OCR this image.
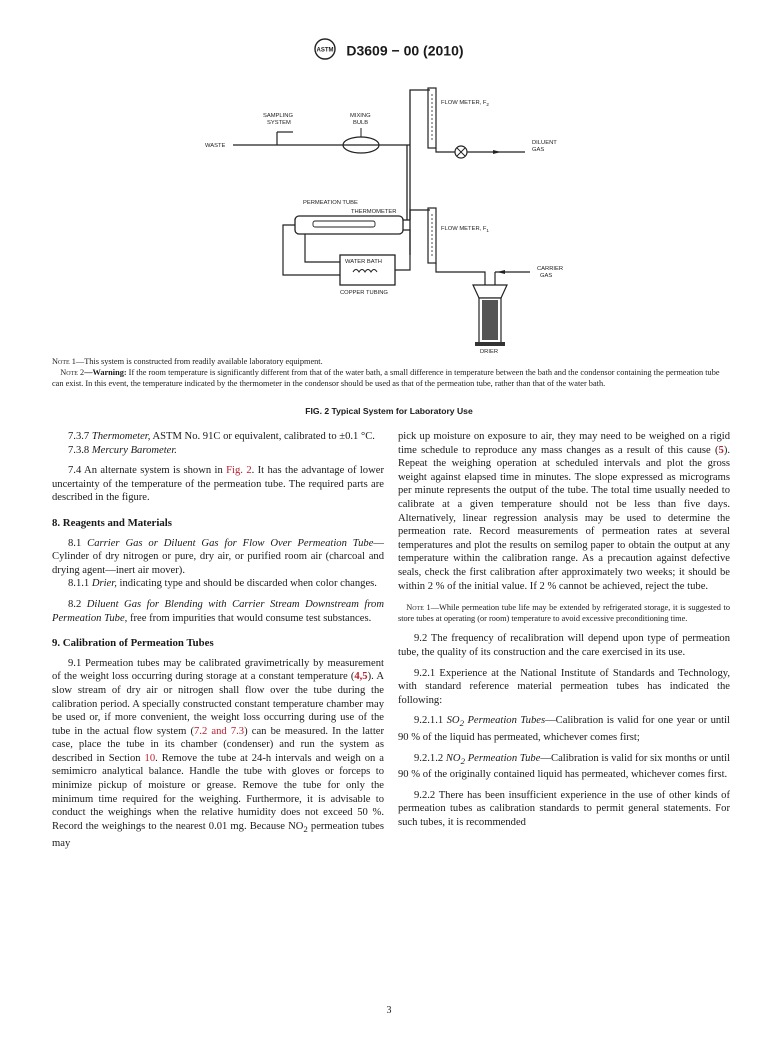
ASTM D3609 − 00 (2010)
WASTE
SAMPLING
SYSTEM
MIXING
BULB
FLOW METER, $F_2$
DILUENT
GAS
PERMEATION TUBE
THERMOMETER
WATER BATH
COPPER TUBING
FLOW METER, $F_1$
CARRIER
GAS
DRIER

Note 1—This system is constructed from readily available laboratory equipment.

 Note 2—Warning: If the room temperature is significantly different from that of the water bath, a small difference in temperature between the bath and the condensor containing the permeation tube can exist. In this event, the temperature indicated by the thermometer in the condensor should be used as that of the permeation tube, rather than that of the water bath.

FIG. 2 Typical System for Laboratory Use

7.3.7 Thermometer, ASTM No. 91C or equivalent, calibrated to ±0.1 °C.

7.3.8 Mercury Barometer.

7.4 An alternate system is shown in Fig. 2. It has the advantage of lower uncertainty of the temperature of the permeation tube. The required parts are described in the figure.

8. Reagents and Materials

8.1 Carrier Gas or Diluent Gas for Flow Over Permeation Tube—Cylinder of dry nitrogen or pure, dry air, or purified room air (charcoal and drying agent—inert air mover).

8.1.1 Drier, indicating type and should be discarded when color changes.

8.2 Diluent Gas for Blending with Carrier Stream Downstream from Permeation Tube, free from impurities that would consume test substances.

9. Calibration of Permeation Tubes

9.1 Permeation tubes may be calibrated gravimetrically by measurement of the weight loss occurring during storage at a constant temperature (4,5). A slow stream of dry air or nitrogen shall flow over the tube during the calibration period. A specially constructed constant temperature chamber may be used or, if more convenient, the weight loss occurring during use of the tube in the actual flow system (7.2 and 7.3) can be measured. In the latter case, place the tube in its chamber (condenser) and run the system as described in Section 10. Remove the tube at 24-h intervals and weigh on a semimicro analytical balance. Handle the tube with gloves or forceps to minimize pickup of moisture or grease. Remove the tube for only the minimum time required for the weighing. Furthermore, it is advisable to conduct the weighings when the relative humidity does not exceed 50 %. Record the weighings to the nearest 0.01 mg. Because $NO_2$ permeation tubes may

pick up moisture on exposure to air, they may need to be weighed on a rigid time schedule to reproduce any mass changes as a result of this cause (5). Repeat the weighing operation at scheduled intervals and plot the gross weight against elapsed time in minutes. The slope expressed as micrograms per minute represents the output of the tube. The total time usually needed to calibrate at a given temperature should not be less than five days. Alternatively, linear regression analysis may be used to determine the permeation rate. Record measurements of permeation rates at several temperatures and plot the results on semilog paper to obtain the output at any temperature within the calibration range. As a precaution against defective seals, check the first calibration after approximately two weeks; it should be within 2 % of the initial value. If 2 % cannot be achieved, reject the tube.

 Note 1—While permeation tube life may be extended by refrigerated storage, it is suggested to store tubes at operating (or room) temperature to avoid excessive preconditioning time.

9.2 The frequency of recalibration will depend upon type of permeation tube, the quality of its construction and the care exercised in its use.

9.2.1 Experience at the National Institute of Standards and Technology, with standard reference material permeation tubes has indicated the following:

9.2.1.1 $SO_2$ Permeation Tubes—Calibration is valid for one year or until 90 % of the liquid has permeated, whichever comes first;

9.2.1.2 $NO_2$ Permeation Tube—Calibration is valid for six months or until 90 % of the originally contained liquid has permeated, whichever comes first.

9.2.2 There has been insufficient experience in the use of other kinds of permeation tubes as calibration standards to permit general statements. For such tubes, it is recommended

3
